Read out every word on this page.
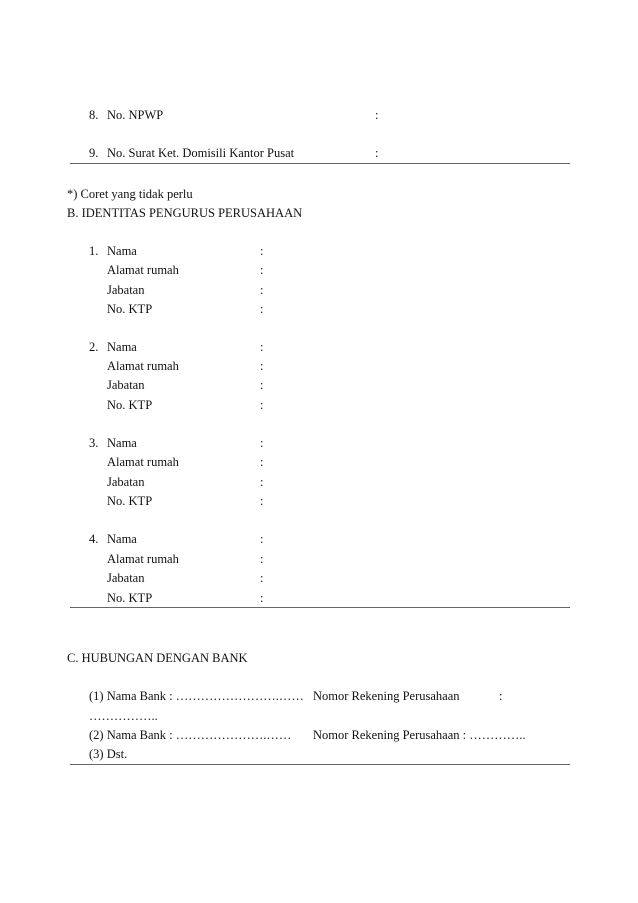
8. No. NPWP	:
9. No. Surat Ket. Domisili Kantor Pusat	:
*) Coret yang tidak perlu
B. IDENTITAS PENGURUS PERUSAHAAN
1. Nama	:
Alamat rumah	:
Jabatan	:
No. KTP	:
2. Nama	:
Alamat rumah	:
Jabatan	:
No. KTP	:
3. Nama	:
Alamat rumah	:
Jabatan	:
No. KTP	:
4. Nama	:
Alamat rumah	:
Jabatan	:
No. KTP	:
C. HUBUNGAN DENGAN BANK
(1) Nama Bank : …………………….…… Nomor Rekening Perusahaan	:
……………..
(2) Nama Bank : ………………….…… Nomor Rekening Perusahaan : …………..
(3) Dst.
